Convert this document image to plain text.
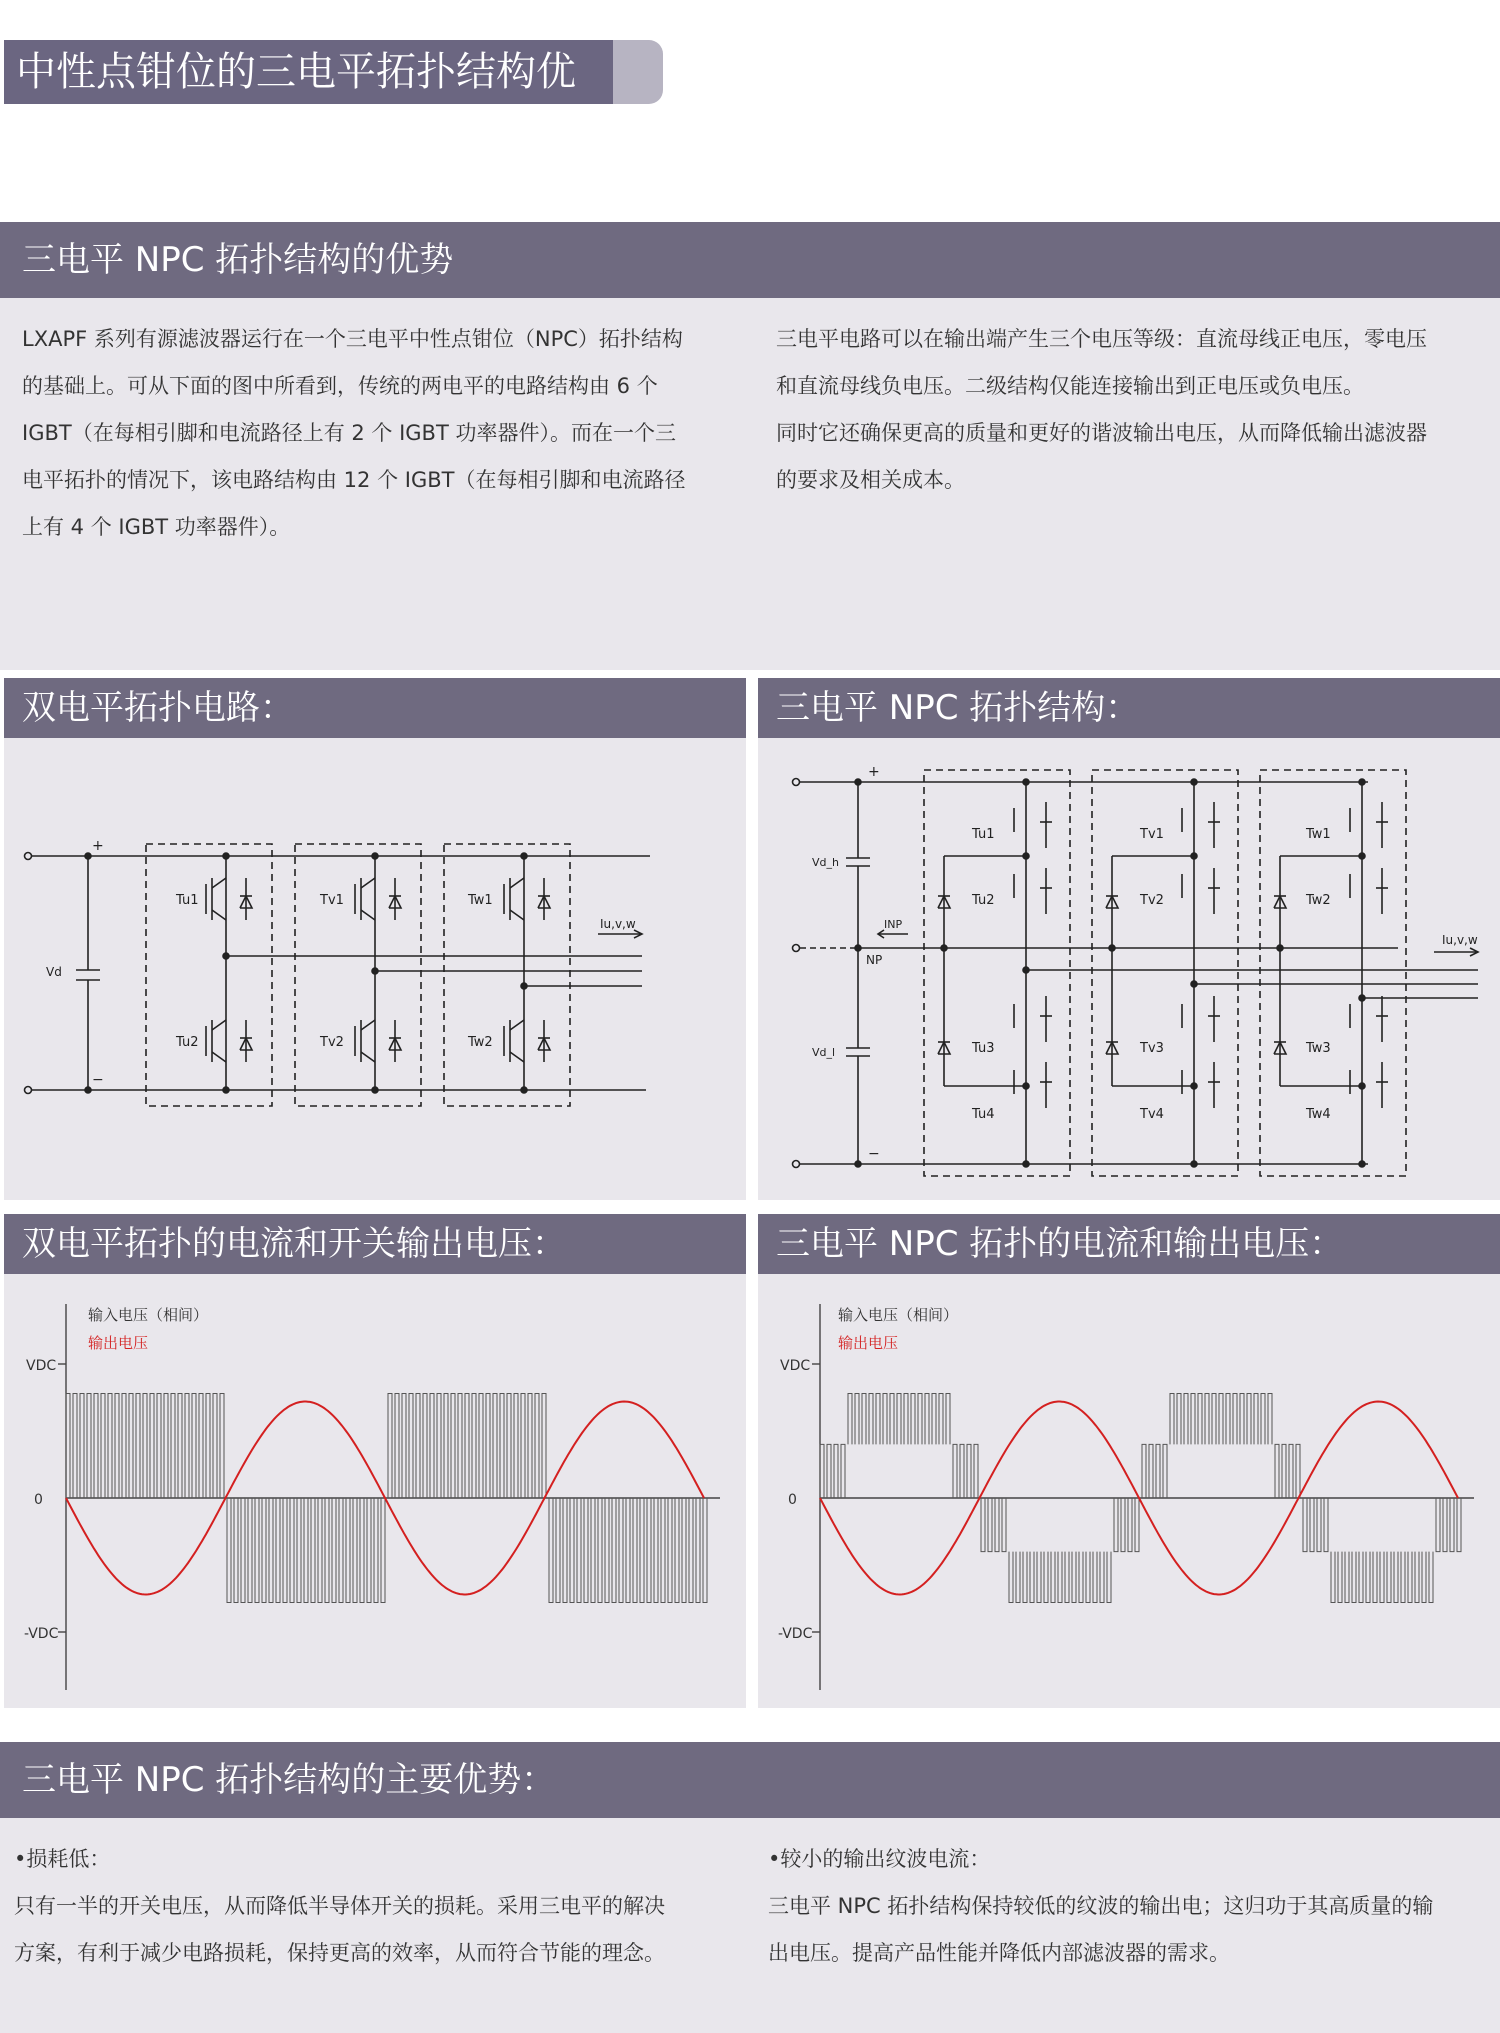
中性点钳位的三电平拓扑结构优势
三电平 NPC 拓扑结构的优势

LXAPF 系列有源滤波器运行在一个三电平中性点钳位（NPC）拓扑结构

的基础上。可从下面的图中所看到，传统的两电平的电路结构由 6 个

IGBT（在每相引脚和电流路径上有 2 个 IGBT 功率器件）。而在一个三

电平拓扑的情况下，该电路结构由 12 个 IGBT（在每相引脚和电流路径

上有 4 个 IGBT 功率器件）。

三电平电路可以在输出端产生三个电压等级：直流母线正电压，零电压

和直流母线负电压。二级结构仅能连接输出到正电压或负电压。

同时它还确保更高的质量和更好的谐波输出电压，从而降低输出滤波器

的要求及相关成本。

双电平拓扑电路：
+
−
Vd
Tu1	Tv1	Tw1
Tu2	Tv2	Tw2
Iu,v,w
三电平 NPC 拓扑结构：
+
−
Vd_h
Vd_l
INP
NP
Tu1	Tv1	Tw1
Tu2	Tv2	Tw2
Tu3	Tv3	Tw3
Tu4	Tv4	Tw4
Iu,v,w
双电平拓扑的电流和开关输出电压：
输入电压（相间）
输出电压
VDC
0
-VDC
三电平 NPC 拓扑的电流和输出电压：
输入电压（相间）
输出电压
VDC
0
-VDC
三电平 NPC 拓扑结构的主要优势：

•损耗低：

只有一半的开关电压，从而降低半导体开关的损耗。采用三电平的解决

方案，有利于减少电路损耗，保持更高的效率，从而符合节能的理念。

•较小的输出纹波电流：

三电平 NPC 拓扑结构保持较低的纹波的输出电；这归功于其高质量的输

出电压。提高产品性能并降低内部滤波器的需求。
